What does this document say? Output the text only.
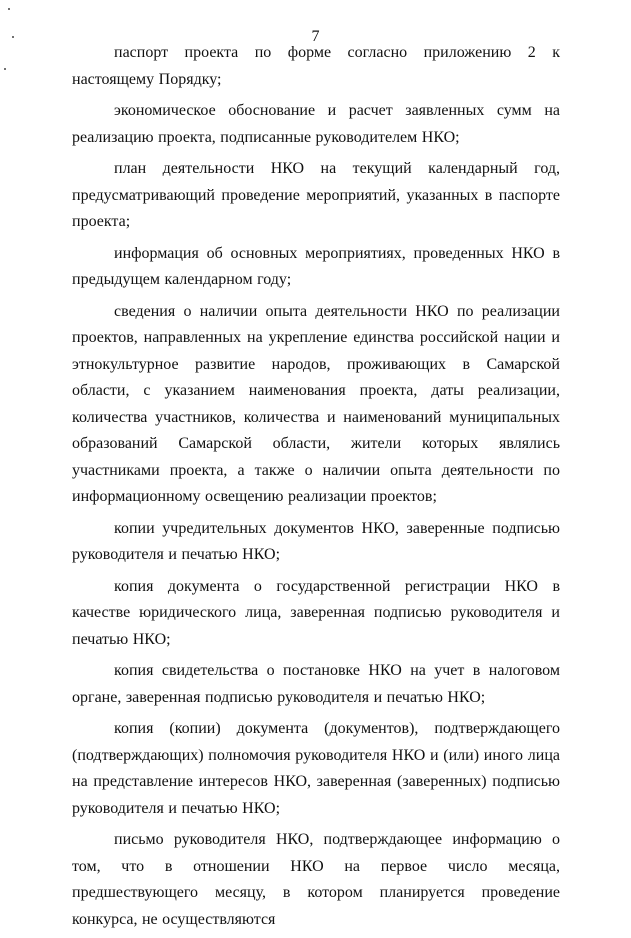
7

паспорт проекта по форме согласно приложению 2 к настоящему Порядку;

экономическое обоснование и расчет заявленных сумм на реализацию проекта, подписанные руководителем НКО;

план деятельности НКО на текущий календарный год, предусматривающий проведение мероприятий, указанных в паспорте проекта;

информация об основных мероприятиях, проведенных НКО в предыдущем календарном году;

сведения о наличии опыта деятельности НКО по реализации проектов, направленных на укрепление единства российской нации и этнокультурное развитие народов, проживающих в Самарской области, с указанием наименования проекта, даты реализации, количества участников, количества и наименований муниципальных образований Самарской области, жители которых являлись участниками проекта, а также о наличии опыта деятельности по информационному освещению реализации проектов;

копии учредительных документов НКО, заверенные подписью руководителя и печатью НКО;

копия документа о государственной регистрации НКО в качестве юридического лица, заверенная подписью руководителя и печатью НКО;

копия свидетельства о постановке НКО на учет в налоговом органе, заверенная подписью руководителя и печатью НКО;

копия (копии) документа (документов), подтверждающего (подтверждающих) полномочия руководителя НКО и (или) иного лица на представление интересов НКО, заверенная (заверенных) подписью руководителя и печатью НКО;

письмо руководителя НКО, подтверждающее информацию о том, что в отношении НКО на первое число месяца, предшествующего месяцу, в котором планируется проведение конкурса, не осуществляются
